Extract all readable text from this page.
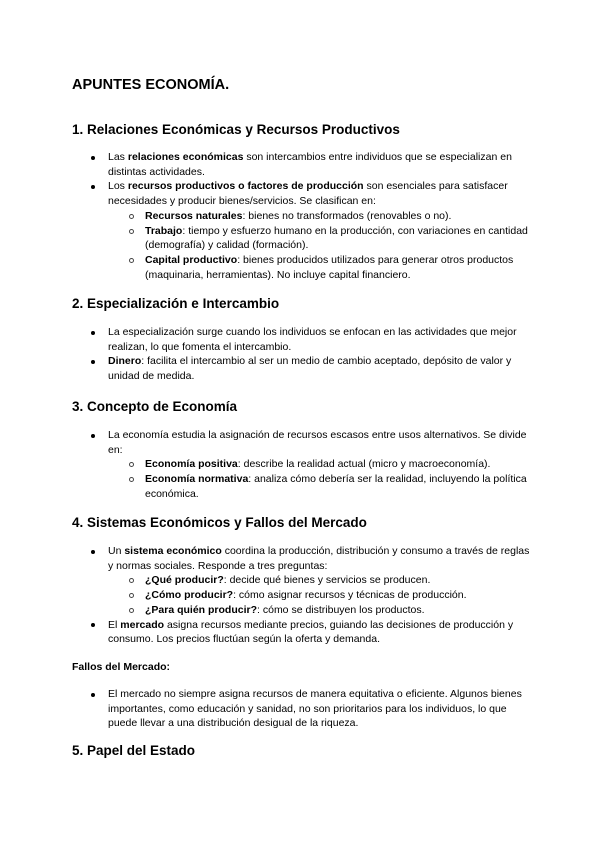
APUNTES ECONOMÍA.
1. Relaciones Económicas y Recursos Productivos
Las relaciones económicas son intercambios entre individuos que se especializan en distintas actividades.
Los recursos productivos o factores de producción son esenciales para satisfacer necesidades y producir bienes/servicios. Se clasifican en:
Recursos naturales: bienes no transformados (renovables o no).
Trabajo: tiempo y esfuerzo humano en la producción, con variaciones en cantidad (demografía) y calidad (formación).
Capital productivo: bienes producidos utilizados para generar otros productos (maquinaria, herramientas). No incluye capital financiero.
2. Especialización e Intercambio
La especialización surge cuando los individuos se enfocan en las actividades que mejor realizan, lo que fomenta el intercambio.
Dinero: facilita el intercambio al ser un medio de cambio aceptado, depósito de valor y unidad de medida.
3. Concepto de Economía
La economía estudia la asignación de recursos escasos entre usos alternativos. Se divide en:
Economía positiva: describe la realidad actual (micro y macroeconomía).
Economía normativa: analiza cómo debería ser la realidad, incluyendo la política económica.
4. Sistemas Económicos y Fallos del Mercado
Un sistema económico coordina la producción, distribución y consumo a través de reglas y normas sociales. Responde a tres preguntas:
¿Qué producir?: decide qué bienes y servicios se producen.
¿Cómo producir?: cómo asignar recursos y técnicas de producción.
¿Para quién producir?: cómo se distribuyen los productos.
El mercado asigna recursos mediante precios, guiando las decisiones de producción y consumo. Los precios fluctúan según la oferta y demanda.
Fallos del Mercado:
El mercado no siempre asigna recursos de manera equitativa o eficiente. Algunos bienes importantes, como educación y sanidad, no son prioritarios para los individuos, lo que puede llevar a una distribución desigual de la riqueza.
5. Papel del Estado
